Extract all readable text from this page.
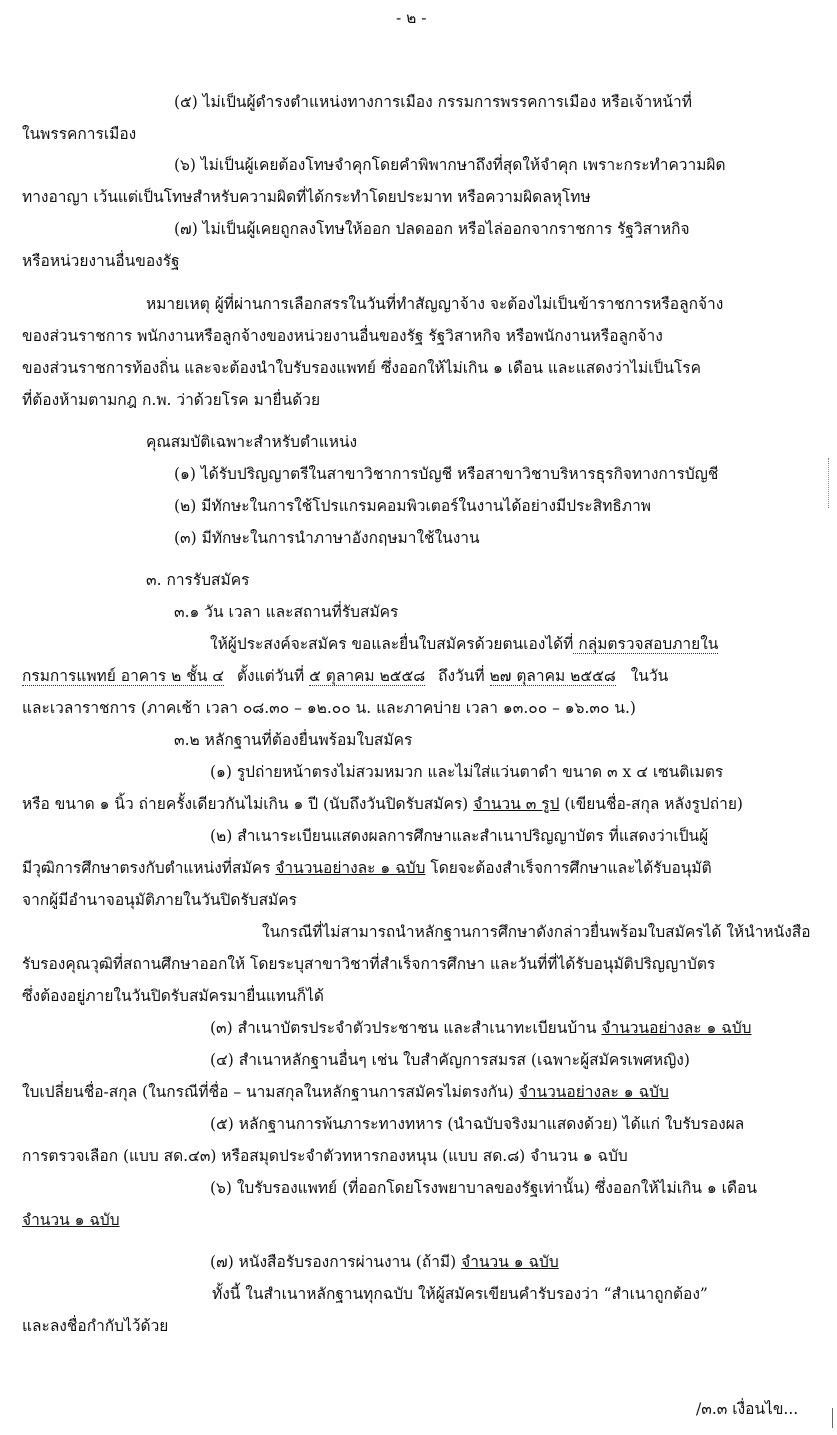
- ๒ -
(๕) ไม่เป็นผู้ดำรงตำแหน่งทางการเมือง กรรมการพรรคการเมือง หรือเจ้าหน้าที่
ในพรรคการเมือง
(๖) ไม่เป็นผู้เคยต้องโทษจำคุกโดยคำพิพากษาถึงที่สุดให้จำคุก เพราะกระทำความผิด
ทางอาญา เว้นแต่เป็นโทษสำหรับความผิดที่ได้กระทำโดยประมาท หรือความผิดลหุโทษ
(๗) ไม่เป็นผู้เคยถูกลงโทษให้ออก ปลดออก หรือไล่ออกจากราชการ รัฐวิสาหกิจ
หรือหน่วยงานอื่นของรัฐ
หมายเหตุ ผู้ที่ผ่านการเลือกสรรในวันที่ทำสัญญาจ้าง จะต้องไม่เป็นข้าราชการหรือลูกจ้าง
ของส่วนราชการ พนักงานหรือลูกจ้างของหน่วยงานอื่นของรัฐ รัฐวิสาหกิจ หรือพนักงานหรือลูกจ้าง
ของส่วนราชการท้องถิ่น และจะต้องนำใบรับรองแพทย์ ซึ่งออกให้ไม่เกิน ๑ เดือน และแสดงว่าไม่เป็นโรค
ที่ต้องห้ามตามกฎ ก.พ. ว่าด้วยโรค มายื่นด้วย
คุณสมบัติเฉพาะสำหรับตำแหน่ง
(๑) ได้รับปริญญาตรีในสาขาวิชาการบัญชี หรือสาขาวิชาบริหารธุรกิจทางการบัญชี
(๒) มีทักษะในการใช้โปรแกรมคอมพิวเตอร์ในงานได้อย่างมีประสิทธิภาพ
(๓) มีทักษะในการนำภาษาอังกฤษมาใช้ในงาน
๓. การรับสมัคร
๓.๑ วัน เวลา และสถานที่รับสมัคร
ให้ผู้ประสงค์จะสมัคร ขอและยื่นใบสมัครด้วยตนเองได้ที่ กลุ่มตรวจสอบภายใน
กรมการแพทย์ อาคาร ๒ ชั้น ๔ ตั้งแต่วันที่ ๕ ตุลาคม ๒๕๕๘ ถึงวันที่ ๒๗ ตุลาคม ๒๕๕๘ ในวัน
และเวลาราชการ (ภาคเช้า เวลา ๐๘.๓๐ – ๑๒.๐๐ น. และภาคบ่าย เวลา ๑๓.๐๐ – ๑๖.๓๐ น.)
๓.๒ หลักฐานที่ต้องยื่นพร้อมใบสมัคร
(๑) รูปถ่ายหน้าตรงไม่สวมหมวก และไม่ใส่แว่นตาดำ ขนาด ๓ x ๔ เซนติเมตร
หรือ ขนาด ๑ นิ้ว ถ่ายครั้งเดียวกันไม่เกิน ๑ ปี (นับถึงวันปิดรับสมัคร) จำนวน ๓ รูป (เขียนชื่อ-สกุล หลังรูปถ่าย)
(๒) สำเนาระเบียนแสดงผลการศึกษาและสำเนาปริญญาบัตร ที่แสดงว่าเป็นผู้
มีวุฒิการศึกษาตรงกับตำแหน่งที่สมัคร จำนวนอย่างละ ๑ ฉบับ โดยจะต้องสำเร็จการศึกษาและได้รับอนุมัติ
จากผู้มีอำนาจอนุมัติภายในวันปิดรับสมัคร
ในกรณีที่ไม่สามารถนำหลักฐานการศึกษาดังกล่าวยื่นพร้อมใบสมัครได้ ให้นำหนังสือ
รับรองคุณวุฒิที่สถานศึกษาออกให้ โดยระบุสาขาวิชาที่สำเร็จการศึกษา และวันที่ที่ได้รับอนุมัติปริญญาบัตร
ซึ่งต้องอยู่ภายในวันปิดรับสมัครมายื่นแทนก็ได้
(๓) สำเนาบัตรประจำตัวประชาชน และสำเนาทะเบียนบ้าน จำนวนอย่างละ ๑ ฉบับ
(๔) สำเนาหลักฐานอื่นๆ เช่น ใบสำคัญการสมรส (เฉพาะผู้สมัครเพศหญิง)
ใบเปลี่ยนชื่อ-สกุล (ในกรณีที่ชื่อ – นามสกุลในหลักฐานการสมัครไม่ตรงกัน) จำนวนอย่างละ ๑ ฉบับ
(๕) หลักฐานการพ้นภาระทางทหาร (นำฉบับจริงมาแสดงด้วย) ได้แก่ ใบรับรองผล
การตรวจเลือก (แบบ สด.๔๓) หรือสมุดประจำตัวทหารกองหนุน (แบบ สด.๘) จำนวน ๑ ฉบับ
(๖) ใบรับรองแพทย์ (ที่ออกโดยโรงพยาบาลของรัฐเท่านั้น) ซึ่งออกให้ไม่เกิน ๑ เดือน
จำนวน ๑ ฉบับ
(๗) หนังสือรับรองการผ่านงาน (ถ้ามี) จำนวน ๑ ฉบับ
ทั้งนี้ ในสำเนาหลักฐานทุกฉบับ ให้ผู้สมัครเขียนคำรับรองว่า “สำเนาถูกต้อง”
และลงชื่อกำกับไว้ด้วย
/๓.๓ เงื่อนไข...
